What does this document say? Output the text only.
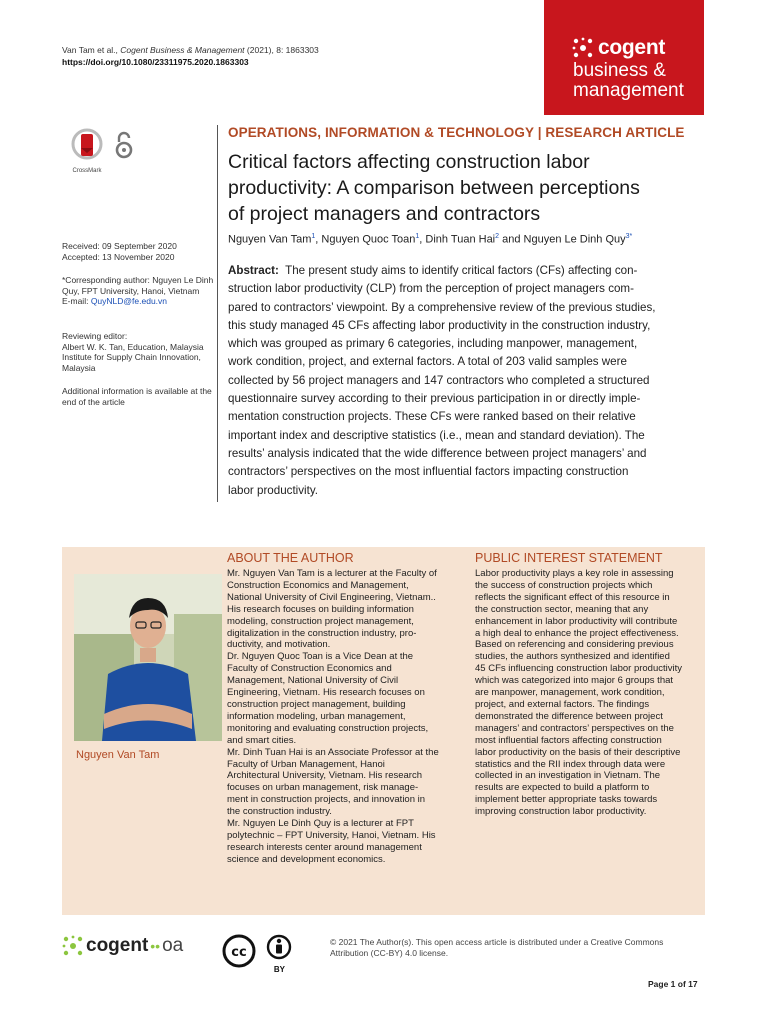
Van Tam et al., Cogent Business & Management (2021), 8: 1863303
https://doi.org/10.1080/23311975.2020.1863303
cogent
business &
management
CrossMark
Received: 09 September 2020
Accepted: 13 November 2020
*Corresponding author: Nguyen Le Dinh Quy, FPT University, Hanoi, Vietnam
E-mail: QuyNLD@fe.edu.vn
Reviewing editor:
Albert W. K. Tan, Education, Malaysia Institute for Supply Chain Innovation, Malaysia
Additional information is available at the end of the article
OPERATIONS, INFORMATION & TECHNOLOGY | RESEARCH ARTICLE
Critical factors affecting construction labor
productivity: A comparison between perceptions
of project managers and contractors
Nguyen Van Tam$^1$, Nguyen Quoc Toan$^1$, Dinh Tuan Hai$^2$ and Nguyen Le Dinh Quy$^{3*}$
Abstract: The present study aims to identify critical factors (CFs) affecting con-
struction labor productivity (CLP) from the perception of project managers com-
pared to contractors’ viewpoint. By a comprehensive review of the previous studies,
this study managed 45 CFs affecting labor productivity in the construction industry,
which was grouped as primary 6 categories, including manpower, management,
work condition, project, and external factors. A total of 203 valid samples were
collected by 56 project managers and 147 contractors who completed a structured
questionnaire survey according to their previous participation in or directly imple-
mentation construction projects. These CFs were ranked based on their relative
important index and descriptive statistics (i.e., mean and standard deviation). The
results’ analysis indicated that the wide difference between project managers’ and
contractors’ perspectives on the most influential factors impacting construction
labor productivity.
Nguyen Van Tam
ABOUT THE AUTHOR
Mr. Nguyen Van Tam is a lecturer at the Faculty of
Construction Economics and Management,
National University of Civil Engineering, Vietnam..
His research focuses on building information
modeling, construction project management,
digitalization in the construction industry, pro-
ductivity, and motivation.
Dr. Nguyen Quoc Toan is a Vice Dean at the
Faculty of Construction Economics and
Management, National University of Civil
Engineering, Vietnam. His research focuses on
construction project management, building
information modeling, urban management,
monitoring and evaluating construction projects,
and smart cities.
Mr. Dinh Tuan Hai is an Associate Professor at the
Faculty of Urban Management, Hanoi
Architectural University, Vietnam. His research
focuses on urban management, risk manage-
ment in construction projects, and innovation in
the construction industry.
Mr. Nguyen Le Dinh Quy is a lecturer at FPT
polytechnic – FPT University, Hanoi, Vietnam. His
research interests center around management
science and development economics.
PUBLIC INTEREST STATEMENT
Labor productivity plays a key role in assessing
the success of construction projects which
reflects the significant effect of this resource in
the construction sector, meaning that any
enhancement in labor productivity will contribute
a high deal to enhance the project effectiveness.
Based on referencing and considering previous
studies, the authors synthesized and identified
45 CFs influencing construction labor productivity
which was categorized into major 6 groups that
are manpower, management, work condition,
project, and external factors. The findings
demonstrated the difference between project
managers’ and contractors’ perspectives on the
most influential factors affecting construction
labor productivity on the basis of their descriptive
statistics and the RII index through data were
collected in an investigation in Vietnam. The
results are expected to build a platform to
implement better appropriate tasks towards
improving construction labor productivity.
cogent •• oa	cc

BY
© 2021 The Author(s). This open access article is distributed under a Creative Commons
Attribution (CC-BY) 4.0 license.
Page 1 of 17
